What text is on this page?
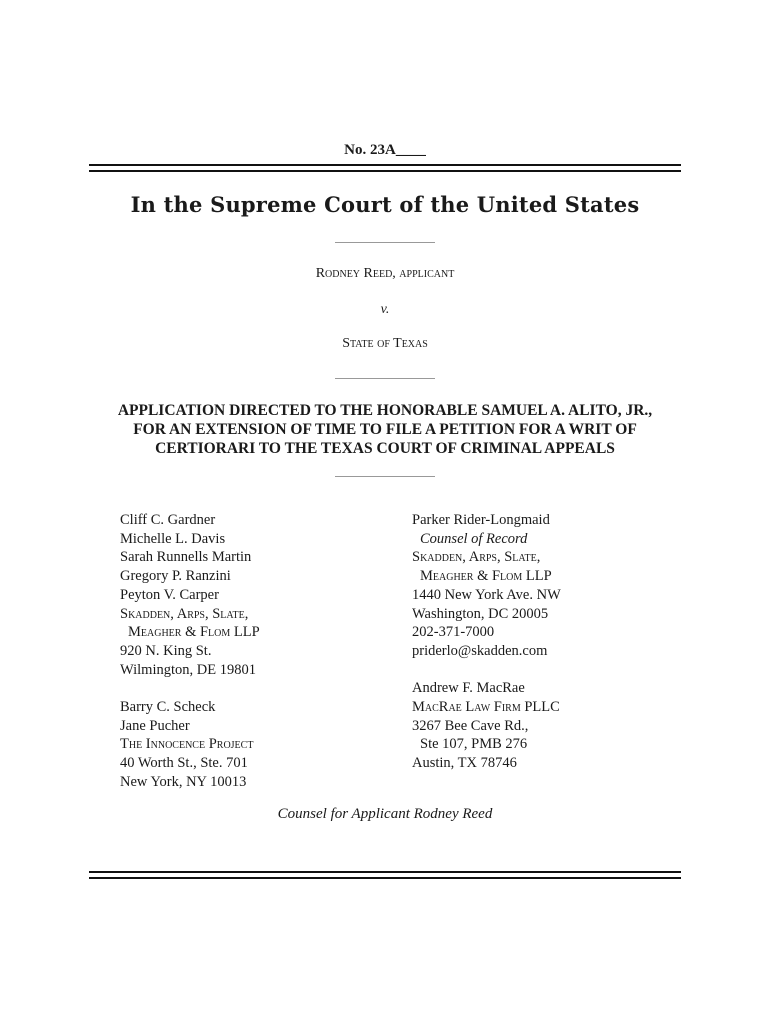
No. 23A____
In the Supreme Court of the United States
Rodney Reed, applicant
v.
State of Texas
APPLICATION DIRECTED TO THE HONORABLE SAMUEL A. ALITO, JR.,
FOR AN EXTENSION OF TIME TO FILE A PETITION FOR A WRIT OF
CERTIORARI TO THE TEXAS COURT OF CRIMINAL APPEALS
Cliff C. Gardner
Michelle L. Davis
Sarah Runnells Martin
Gregory P. Ranzini
Peyton V. Carper
Skadden, Arps, Slate,
Meagher & Flom LLP
920 N. King St.
Wilmington, DE 19801
Barry C. Scheck
Jane Pucher
The Innocence Project
40 Worth St., Ste. 701
New York, NY 10013
Parker Rider-Longmaid
Counsel of Record
Skadden, Arps, Slate,
Meagher & Flom LLP
1440 New York Ave. NW
Washington, DC 20005
202-371-7000
priderlo@skadden.com
Andrew F. MacRae
MacRae Law Firm PLLC
3267 Bee Cave Rd.,
Ste 107, PMB 276
Austin, TX 78746
Counsel for Applicant Rodney Reed
